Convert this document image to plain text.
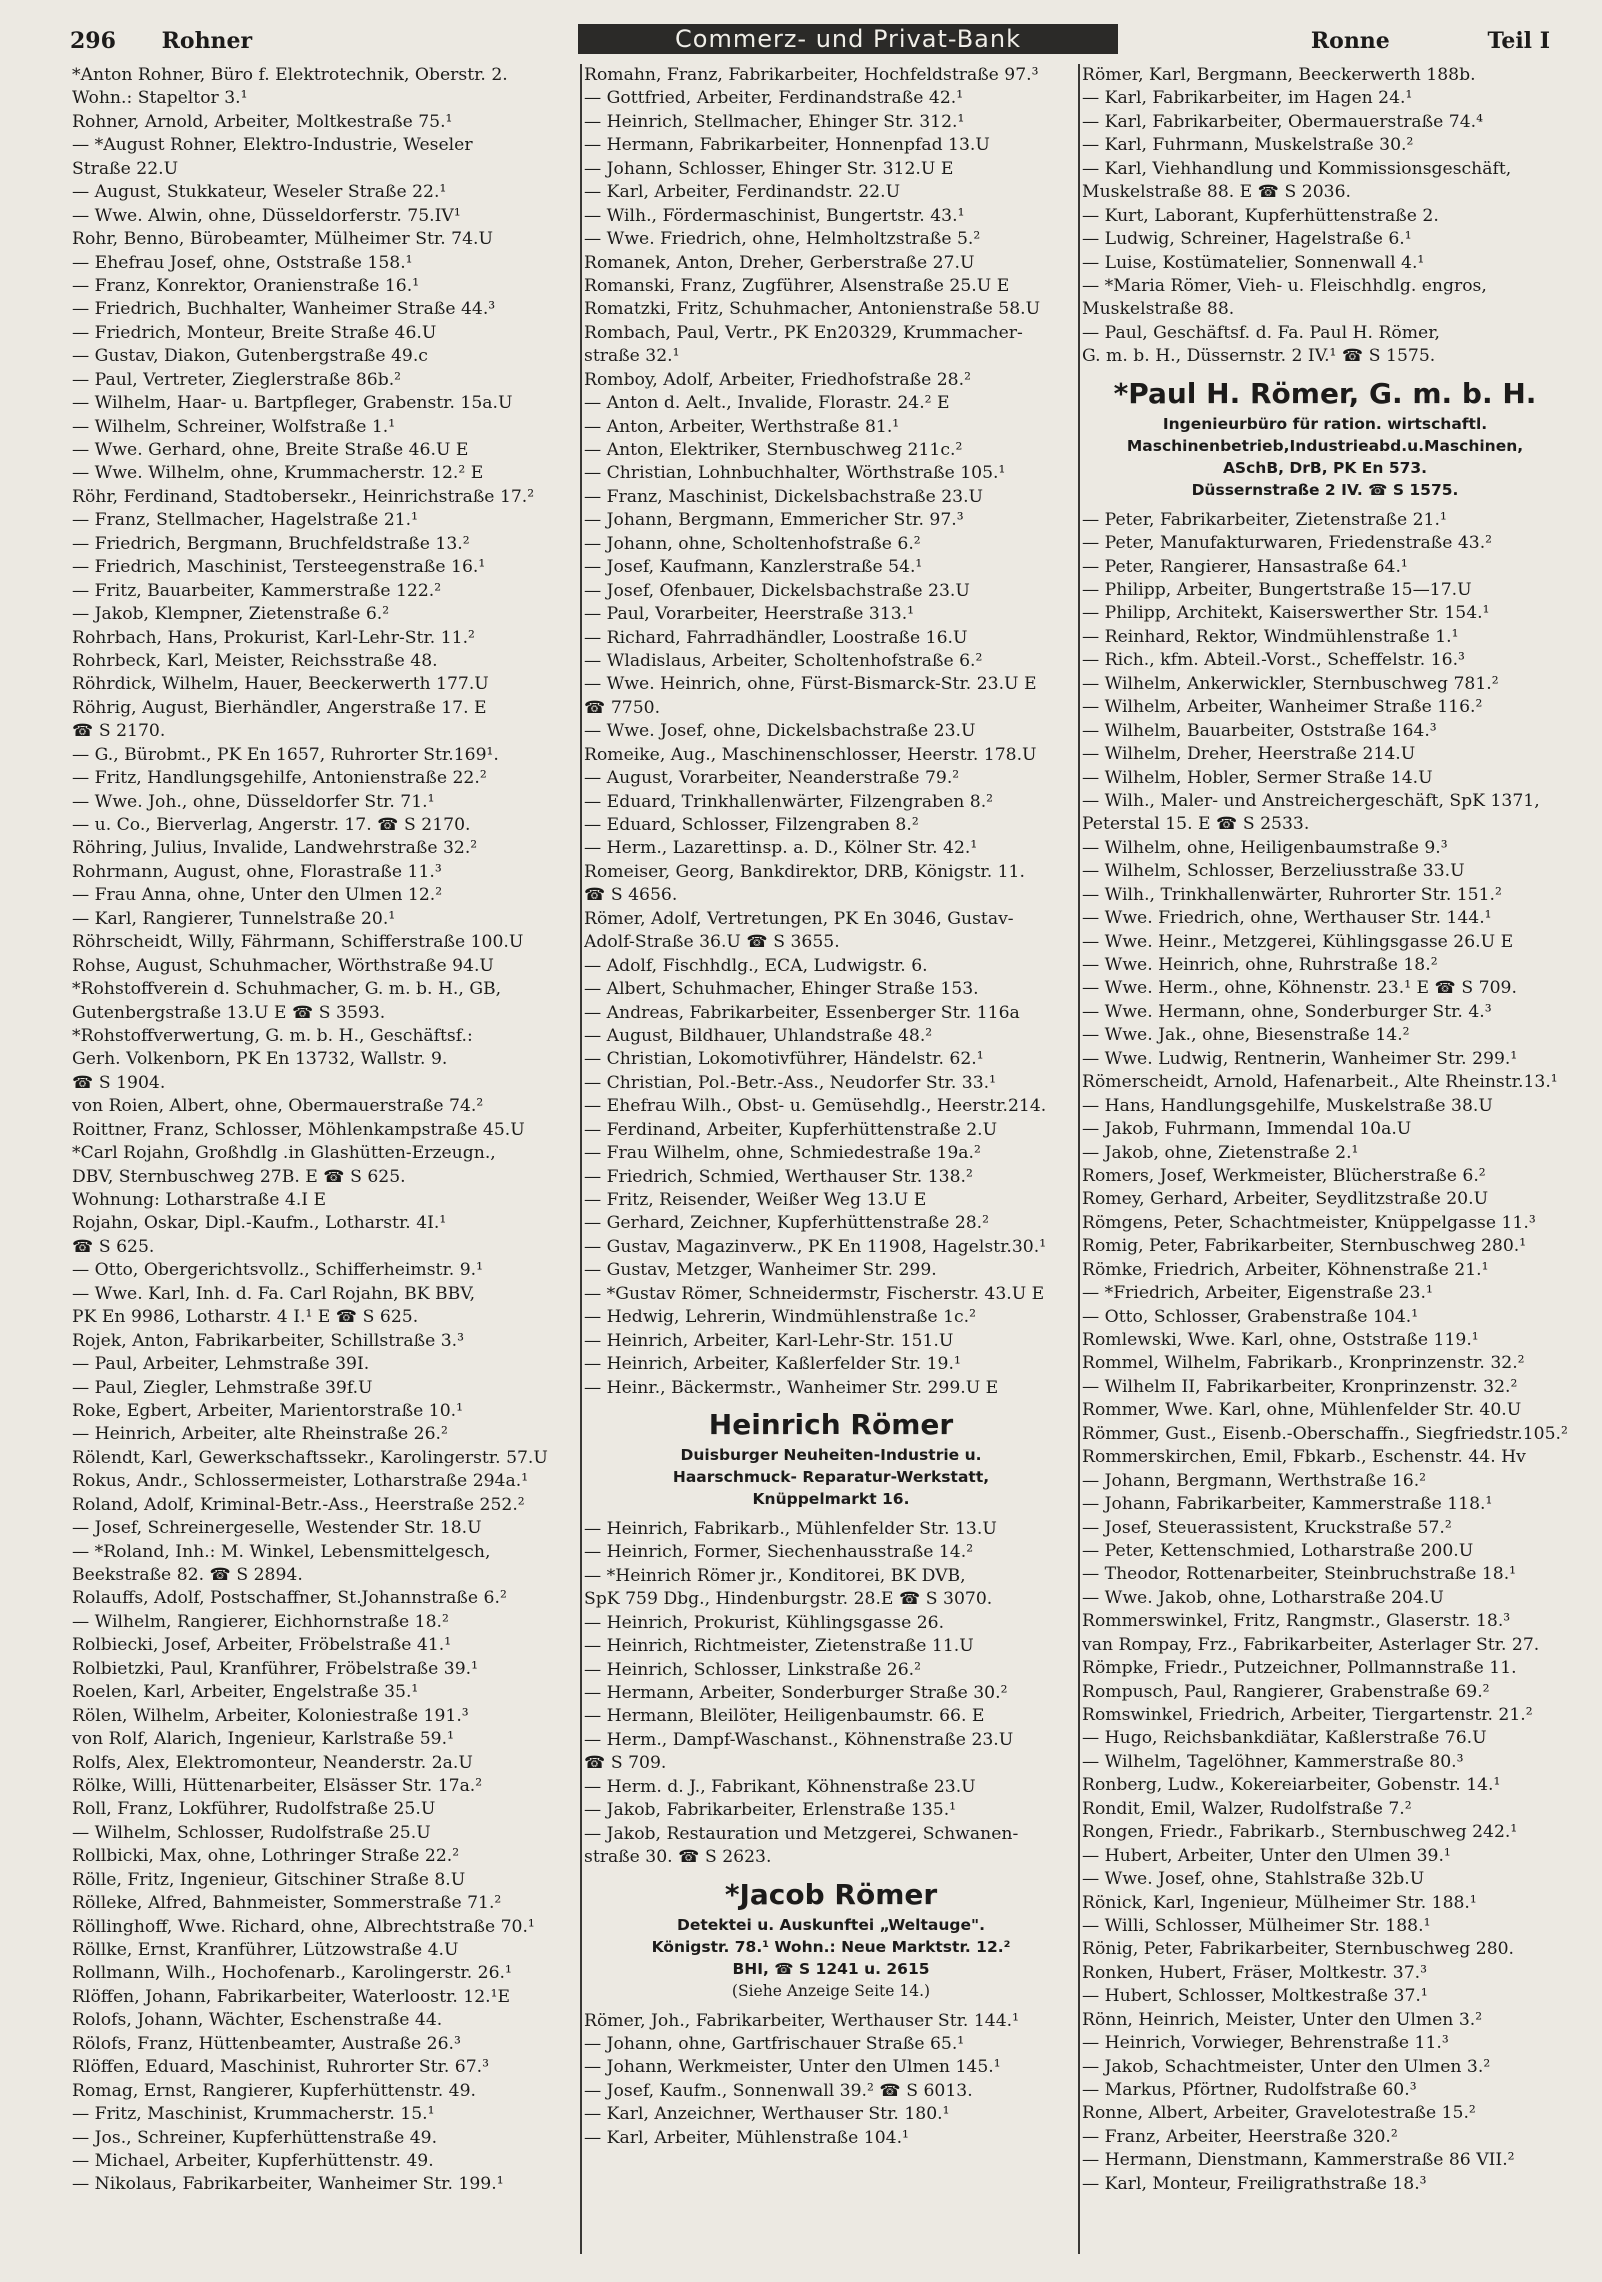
296 Rohner	Commerz- und Privat-Bank	Ronne	Teil I
*Anton Rohner, Büro f. Elektrotechnik, Oberstr. 2.
Wohn.: Stapeltor 3.¹
Rohner, Arnold, Arbeiter, Moltkestraße 75.¹
— *August Rohner, Elektro-Industrie, Weseler
Straße 22.U
— August, Stukkateur, Weseler Straße 22.¹
— Wwe. Alwin, ohne, Düsseldorferstr. 75.IV¹
Rohr, Benno, Bürobeamter, Mülheimer Str. 74.U
— Ehefrau Josef, ohne, Oststraße 158.¹
— Franz, Konrektor, Oranienstraße 16.¹
— Friedrich, Buchhalter, Wanheimer Straße 44.³
— Friedrich, Monteur, Breite Straße 46.U
— Gustav, Diakon, Gutenbergstraße 49.c
— Paul, Vertreter, Zieglerstraße 86b.²
— Wilhelm, Haar- u. Bartpfleger, Grabenstr. 15a.U
— Wilhelm, Schreiner, Wolfstraße 1.¹
— Wwe. Gerhard, ohne, Breite Straße 46.U E
— Wwe. Wilhelm, ohne, Krummacherstr. 12.² E
Röhr, Ferdinand, Stadtobersekr., Heinrichstraße 17.²
— Franz, Stellmacher, Hagelstraße 21.¹
— Friedrich, Bergmann, Bruchfeldstraße 13.²
— Friedrich, Maschinist, Tersteegenstraße 16.¹
— Fritz, Bauarbeiter, Kammerstraße 122.²
— Jakob, Klempner, Zietenstraße 6.²
Rohrbach, Hans, Prokurist, Karl-Lehr-Str. 11.²
Rohrbeck, Karl, Meister, Reichsstraße 48.
Röhrdick, Wilhelm, Hauer, Beeckerwerth 177.U
Röhrig, August, Bierhändler, Angerstraße 17. E
☎ S 2170.
— G., Bürobmt., PK En 1657, Ruhrorter Str.169¹.
— Fritz, Handlungsgehilfe, Antonienstraße 22.²
— Wwe. Joh., ohne, Düsseldorfer Str. 71.¹
— u. Co., Bierverlag, Angerstr. 17. ☎ S 2170.
Röhring, Julius, Invalide, Landwehrstraße 32.²
Rohrmann, August, ohne, Florastraße 11.³
— Frau Anna, ohne, Unter den Ulmen 12.²
— Karl, Rangierer, Tunnelstraße 20.¹
Röhrscheidt, Willy, Fährmann, Schifferstraße 100.U
Rohse, August, Schuhmacher, Wörthstraße 94.U
*Rohstoffverein d. Schuhmacher, G. m. b. H., GB,
Gutenbergstraße 13.U E ☎ S 3593.
*Rohstoffverwertung, G. m. b. H., Geschäftsf.:
Gerh. Volkenborn, PK En 13732, Wallstr. 9.
☎ S 1904.
von Roien, Albert, ohne, Obermauerstraße 74.²
Roittner, Franz, Schlosser, Möhlenkampstraße 45.U
*Carl Rojahn, Großhdlg .in Glashütten-Erzeugn.,
DBV, Sternbuschweg 27B. E ☎ S 625.
Wohnung: Lotharstraße 4.I E
Rojahn, Oskar, Dipl.-Kaufm., Lotharstr. 4I.¹
☎ S 625.
— Otto, Obergerichtsvollz., Schifferheimstr. 9.¹
— Wwe. Karl, Inh. d. Fa. Carl Rojahn, BK BBV,
PK En 9986, Lotharstr. 4 I.¹ E ☎ S 625.
Rojek, Anton, Fabrikarbeiter, Schillstraße 3.³
— Paul, Arbeiter, Lehmstraße 39I.
— Paul, Ziegler, Lehmstraße 39f.U
Roke, Egbert, Arbeiter, Marientorstraße 10.¹
— Heinrich, Arbeiter, alte Rheinstraße 26.²
Rölendt, Karl, Gewerkschaftssekr., Karolingerstr. 57.U
Rokus, Andr., Schlossermeister, Lotharstraße 294a.¹
Roland, Adolf, Kriminal-Betr.-Ass., Heerstraße 252.²
— Josef, Schreinergeselle, Westender Str. 18.U
— *Roland, Inh.: M. Winkel, Lebensmittelgesch,
Beekstraße 82. ☎ S 2894.
Rolauffs, Adolf, Postschaffner, St.Johannstraße 6.²
— Wilhelm, Rangierer, Eichhornstraße 18.²
Rolbiecki, Josef, Arbeiter, Fröbelstraße 41.¹
Rolbietzki, Paul, Kranführer, Fröbelstraße 39.¹
Roelen, Karl, Arbeiter, Engelstraße 35.¹
Rölen, Wilhelm, Arbeiter, Koloniestraße 191.³
von Rolf, Alarich, Ingenieur, Karlstraße 59.¹
Rolfs, Alex, Elektromonteur, Neanderstr. 2a.U
Rölke, Willi, Hüttenarbeiter, Elsässer Str. 17a.²
Roll, Franz, Lokführer, Rudolfstraße 25.U
— Wilhelm, Schlosser, Rudolfstraße 25.U
Rollbicki, Max, ohne, Lothringer Straße 22.²
Rölle, Fritz, Ingenieur, Gitschiner Straße 8.U
Rölleke, Alfred, Bahnmeister, Sommerstraße 71.²
Röllinghoff, Wwe. Richard, ohne, Albrechtstraße 70.¹
Röllke, Ernst, Kranführer, Lützowstraße 4.U
Rollmann, Wilh., Hochofenarb., Karolingerstr. 26.¹
Rlöffen, Johann, Fabrikarbeiter, Waterloostr. 12.¹E
Rolofs, Johann, Wächter, Eschenstraße 44.
Rölofs, Franz, Hüttenbeamter, Austraße 26.³
Rlöffen, Eduard, Maschinist, Ruhrorter Str. 67.³
Romag, Ernst, Rangierer, Kupferhüttenstr. 49.
— Fritz, Maschinist, Krummacherstr. 15.¹
— Jos., Schreiner, Kupferhüttenstraße 49.
— Michael, Arbeiter, Kupferhüttenstr. 49.
— Nikolaus, Fabrikarbeiter, Wanheimer Str. 199.¹
Romahn, Franz, Fabrikarbeiter, Hochfeldstraße 97.³
— Gottfried, Arbeiter, Ferdinandstraße 42.¹
— Heinrich, Stellmacher, Ehinger Str. 312.¹
— Hermann, Fabrikarbeiter, Honnenpfad 13.U
— Johann, Schlosser, Ehinger Str. 312.U E
— Karl, Arbeiter, Ferdinandstr. 22.U
— Wilh., Fördermaschinist, Bungertstr. 43.¹
— Wwe. Friedrich, ohne, Helmholtzstraße 5.²
Romanek, Anton, Dreher, Gerberstraße 27.U
Romanski, Franz, Zugführer, Alsenstraße 25.U E
Romatzki, Fritz, Schuhmacher, Antonienstraße 58.U
Rombach, Paul, Vertr., PK En20329, Krummacher-
straße 32.¹
Romboy, Adolf, Arbeiter, Friedhofstraße 28.²
— Anton d. Aelt., Invalide, Florastr. 24.² E
— Anton, Arbeiter, Werthstraße 81.¹
— Anton, Elektriker, Sternbuschweg 211c.²
— Christian, Lohnbuchhalter, Wörthstraße 105.¹
— Franz, Maschinist, Dickelsbachstraße 23.U
— Johann, Bergmann, Emmericher Str. 97.³
— Johann, ohne, Scholtenhofstraße 6.²
— Josef, Kaufmann, Kanzlerstraße 54.¹
— Josef, Ofenbauer, Dickelsbachstraße 23.U
— Paul, Vorarbeiter, Heerstraße 313.¹
— Richard, Fahrradhändler, Loostraße 16.U
— Wladislaus, Arbeiter, Scholtenhofstraße 6.²
— Wwe. Heinrich, ohne, Fürst-Bismarck-Str. 23.U E
☎ 7750.
— Wwe. Josef, ohne, Dickelsbachstraße 23.U
Romeike, Aug., Maschinenschlosser, Heerstr. 178.U
— August, Vorarbeiter, Neanderstraße 79.²
— Eduard, Trinkhallenwärter, Filzengraben 8.²
— Eduard, Schlosser, Filzengraben 8.²
— Herm., Lazarettinsp. a. D., Kölner Str. 42.¹
Romeiser, Georg, Bankdirektor, DRB, Königstr. 11.
☎ S 4656.
Römer, Adolf, Vertretungen, PK En 3046, Gustav-
Adolf-Straße 36.U ☎ S 3655.
— Adolf, Fischhdlg., ECA, Ludwigstr. 6.
— Albert, Schuhmacher, Ehinger Straße 153.
— Andreas, Fabrikarbeiter, Essenberger Str. 116a
— August, Bildhauer, Uhlandstraße 48.²
— Christian, Lokomotivführer, Händelstr. 62.¹
— Christian, Pol.-Betr.-Ass., Neudorfer Str. 33.¹
— Ehefrau Wilh., Obst- u. Gemüsehdlg., Heerstr.214.
— Ferdinand, Arbeiter, Kupferhüttenstraße 2.U
— Frau Wilhelm, ohne, Schmiedestraße 19a.²
— Friedrich, Schmied, Werthauser Str. 138.²
— Fritz, Reisender, Weißer Weg 13.U E
— Gerhard, Zeichner, Kupferhüttenstraße 28.²
— Gustav, Magazinverw., PK En 11908, Hagelstr.30.¹
— Gustav, Metzger, Wanheimer Str. 299.
— *Gustav Römer, Schneidermstr, Fischerstr. 43.U E
— Hedwig, Lehrerin, Windmühlenstraße 1c.²
— Heinrich, Arbeiter, Karl-Lehr-Str. 151.U
— Heinrich, Arbeiter, Kaßlerfelder Str. 19.¹
— Heinr., Bäckermstr., Wanheimer Str. 299.U E
Heinrich Römer
Duisburger Neuheiten-Industrie u.
Haarschmuck- Reparatur-Werkstatt,
Knüppelmarkt 16.
— Heinrich, Fabrikarb., Mühlenfelder Str. 13.U
— Heinrich, Former, Siechenhausstraße 14.²
— *Heinrich Römer jr., Konditorei, BK DVB,
SpK 759 Dbg., Hindenburgstr. 28.E ☎ S 3070.
— Heinrich, Prokurist, Kühlingsgasse 26.
— Heinrich, Richtmeister, Zietenstraße 11.U
— Heinrich, Schlosser, Linkstraße 26.²
— Hermann, Arbeiter, Sonderburger Straße 30.²
— Hermann, Bleilöter, Heiligenbaumstr. 66. E
— Herm., Dampf-Waschanst., Köhnenstraße 23.U
☎ S 709.
— Herm. d. J., Fabrikant, Köhnenstraße 23.U
— Jakob, Fabrikarbeiter, Erlenstraße 135.¹
— Jakob, Restauration und Metzgerei, Schwanen-
straße 30. ☎ S 2623.
*Jacob Römer
Detektei u. Auskunftei „Weltauge".
Königstr. 78.¹ Wohn.: Neue Marktstr. 12.²
BHI, ☎ S 1241 u. 2615
(Siehe Anzeige Seite 14.)
Römer, Joh., Fabrikarbeiter, Werthauser Str. 144.¹
— Johann, ohne, Gartfrischauer Straße 65.¹
— Johann, Werkmeister, Unter den Ulmen 145.¹
— Josef, Kaufm., Sonnenwall 39.² ☎ S 6013.
— Karl, Anzeichner, Werthauser Str. 180.¹
— Karl, Arbeiter, Mühlenstraße 104.¹
Römer, Karl, Bergmann, Beeckerwerth 188b.
— Karl, Fabrikarbeiter, im Hagen 24.¹
— Karl, Fabrikarbeiter, Obermauerstraße 74.⁴
— Karl, Fuhrmann, Muskelstraße 30.²
— Karl, Viehhandlung und Kommissionsgeschäft,
Muskelstraße 88. E ☎ S 2036.
— Kurt, Laborant, Kupferhüttenstraße 2.
— Ludwig, Schreiner, Hagelstraße 6.¹
— Luise, Kostümatelier, Sonnenwall 4.¹
— *Maria Römer, Vieh- u. Fleischhdlg. engros,
Muskelstraße 88.
— Paul, Geschäftsf. d. Fa. Paul H. Römer,
G. m. b. H., Düssernstr. 2 IV.¹ ☎ S 1575.
*Paul H. Römer, G. m. b. H.
Ingenieurbüro für ration. wirtschaftl.
Maschinenbetrieb,Industrieabd.u.Maschinen,
ASchB, DrB, PK En 573.
Düssernstraße 2 IV. ☎ S 1575.
— Peter, Fabrikarbeiter, Zietenstraße 21.¹
— Peter, Manufakturwaren, Friedenstraße 43.²
— Peter, Rangierer, Hansastraße 64.¹
— Philipp, Arbeiter, Bungertstraße 15—17.U
— Philipp, Architekt, Kaiserswerther Str. 154.¹
— Reinhard, Rektor, Windmühlenstraße 1.¹
— Rich., kfm. Abteil.-Vorst., Scheffelstr. 16.³
— Wilhelm, Ankerwickler, Sternbuschweg 781.²
— Wilhelm, Arbeiter, Wanheimer Straße 116.²
— Wilhelm, Bauarbeiter, Oststraße 164.³
— Wilhelm, Dreher, Heerstraße 214.U
— Wilhelm, Hobler, Sermer Straße 14.U
— Wilh., Maler- und Anstreichergeschäft, SpK 1371,
Peterstal 15. E ☎ S 2533.
— Wilhelm, ohne, Heiligenbaumstraße 9.³
— Wilhelm, Schlosser, Berzeliusstraße 33.U
— Wilh., Trinkhallenwärter, Ruhrorter Str. 151.²
— Wwe. Friedrich, ohne, Werthauser Str. 144.¹
— Wwe. Heinr., Metzgerei, Kühlingsgasse 26.U E
— Wwe. Heinrich, ohne, Ruhrstraße 18.²
— Wwe. Herm., ohne, Köhnenstr. 23.¹ E ☎ S 709.
— Wwe. Hermann, ohne, Sonderburger Str. 4.³
— Wwe. Jak., ohne, Biesenstraße 14.²
— Wwe. Ludwig, Rentnerin, Wanheimer Str. 299.¹
Römerscheidt, Arnold, Hafenarbeit., Alte Rheinstr.13.¹
— Hans, Handlungsgehilfe, Muskelstraße 38.U
— Jakob, Fuhrmann, Immendal 10a.U
— Jakob, ohne, Zietenstraße 2.¹
Romers, Josef, Werkmeister, Blücherstraße 6.²
Romey, Gerhard, Arbeiter, Seydlitzstraße 20.U
Römgens, Peter, Schachtmeister, Knüppelgasse 11.³
Romig, Peter, Fabrikarbeiter, Sternbuschweg 280.¹
Römke, Friedrich, Arbeiter, Köhnenstraße 21.¹
— *Friedrich, Arbeiter, Eigenstraße 23.¹
— Otto, Schlosser, Grabenstraße 104.¹
Romlewski, Wwe. Karl, ohne, Oststraße 119.¹
Rommel, Wilhelm, Fabrikarb., Kronprinzenstr. 32.²
— Wilhelm II, Fabrikarbeiter, Kronprinzenstr. 32.²
Rommer, Wwe. Karl, ohne, Mühlenfelder Str. 40.U
Römmer, Gust., Eisenb.-Oberschaffn., Siegfriedstr.105.²
Rommerskirchen, Emil, Fbkarb., Eschenstr. 44. Hv
— Johann, Bergmann, Werthstraße 16.²
— Johann, Fabrikarbeiter, Kammerstraße 118.¹
— Josef, Steuerassistent, Kruckstraße 57.²
— Peter, Kettenschmied, Lotharstraße 200.U
— Theodor, Rottenarbeiter, Steinbruchstraße 18.¹
— Wwe. Jakob, ohne, Lotharstraße 204.U
Rommerswinkel, Fritz, Rangmstr., Glaserstr. 18.³
van Rompay, Frz., Fabrikarbeiter, Asterlager Str. 27.
Römpke, Friedr., Putzeichner, Pollmannstraße 11.
Rompusch, Paul, Rangierer, Grabenstraße 69.²
Romswinkel, Friedrich, Arbeiter, Tiergartenstr. 21.²
— Hugo, Reichsbankdiätar, Kaßlerstraße 76.U
— Wilhelm, Tagelöhner, Kammerstraße 80.³
Ronberg, Ludw., Kokereiarbeiter, Gobenstr. 14.¹
Rondit, Emil, Walzer, Rudolfstraße 7.²
Rongen, Friedr., Fabrikarb., Sternbuschweg 242.¹
— Hubert, Arbeiter, Unter den Ulmen 39.¹
— Wwe. Josef, ohne, Stahlstraße 32b.U
Rönick, Karl, Ingenieur, Mülheimer Str. 188.¹
— Willi, Schlosser, Mülheimer Str. 188.¹
Rönig, Peter, Fabrikarbeiter, Sternbuschweg 280.
Ronken, Hubert, Fräser, Moltkestr. 37.³
— Hubert, Schlosser, Moltkestraße 37.¹
Rönn, Heinrich, Meister, Unter den Ulmen 3.²
— Heinrich, Vorwieger, Behrenstraße 11.³
— Jakob, Schachtmeister, Unter den Ulmen 3.²
— Markus, Pförtner, Rudolfstraße 60.³
Ronne, Albert, Arbeiter, Gravelotestraße 15.²
— Franz, Arbeiter, Heerstraße 320.²
— Hermann, Dienstmann, Kammerstraße 86 VII.²
— Karl, Monteur, Freiligrathstraße 18.³
